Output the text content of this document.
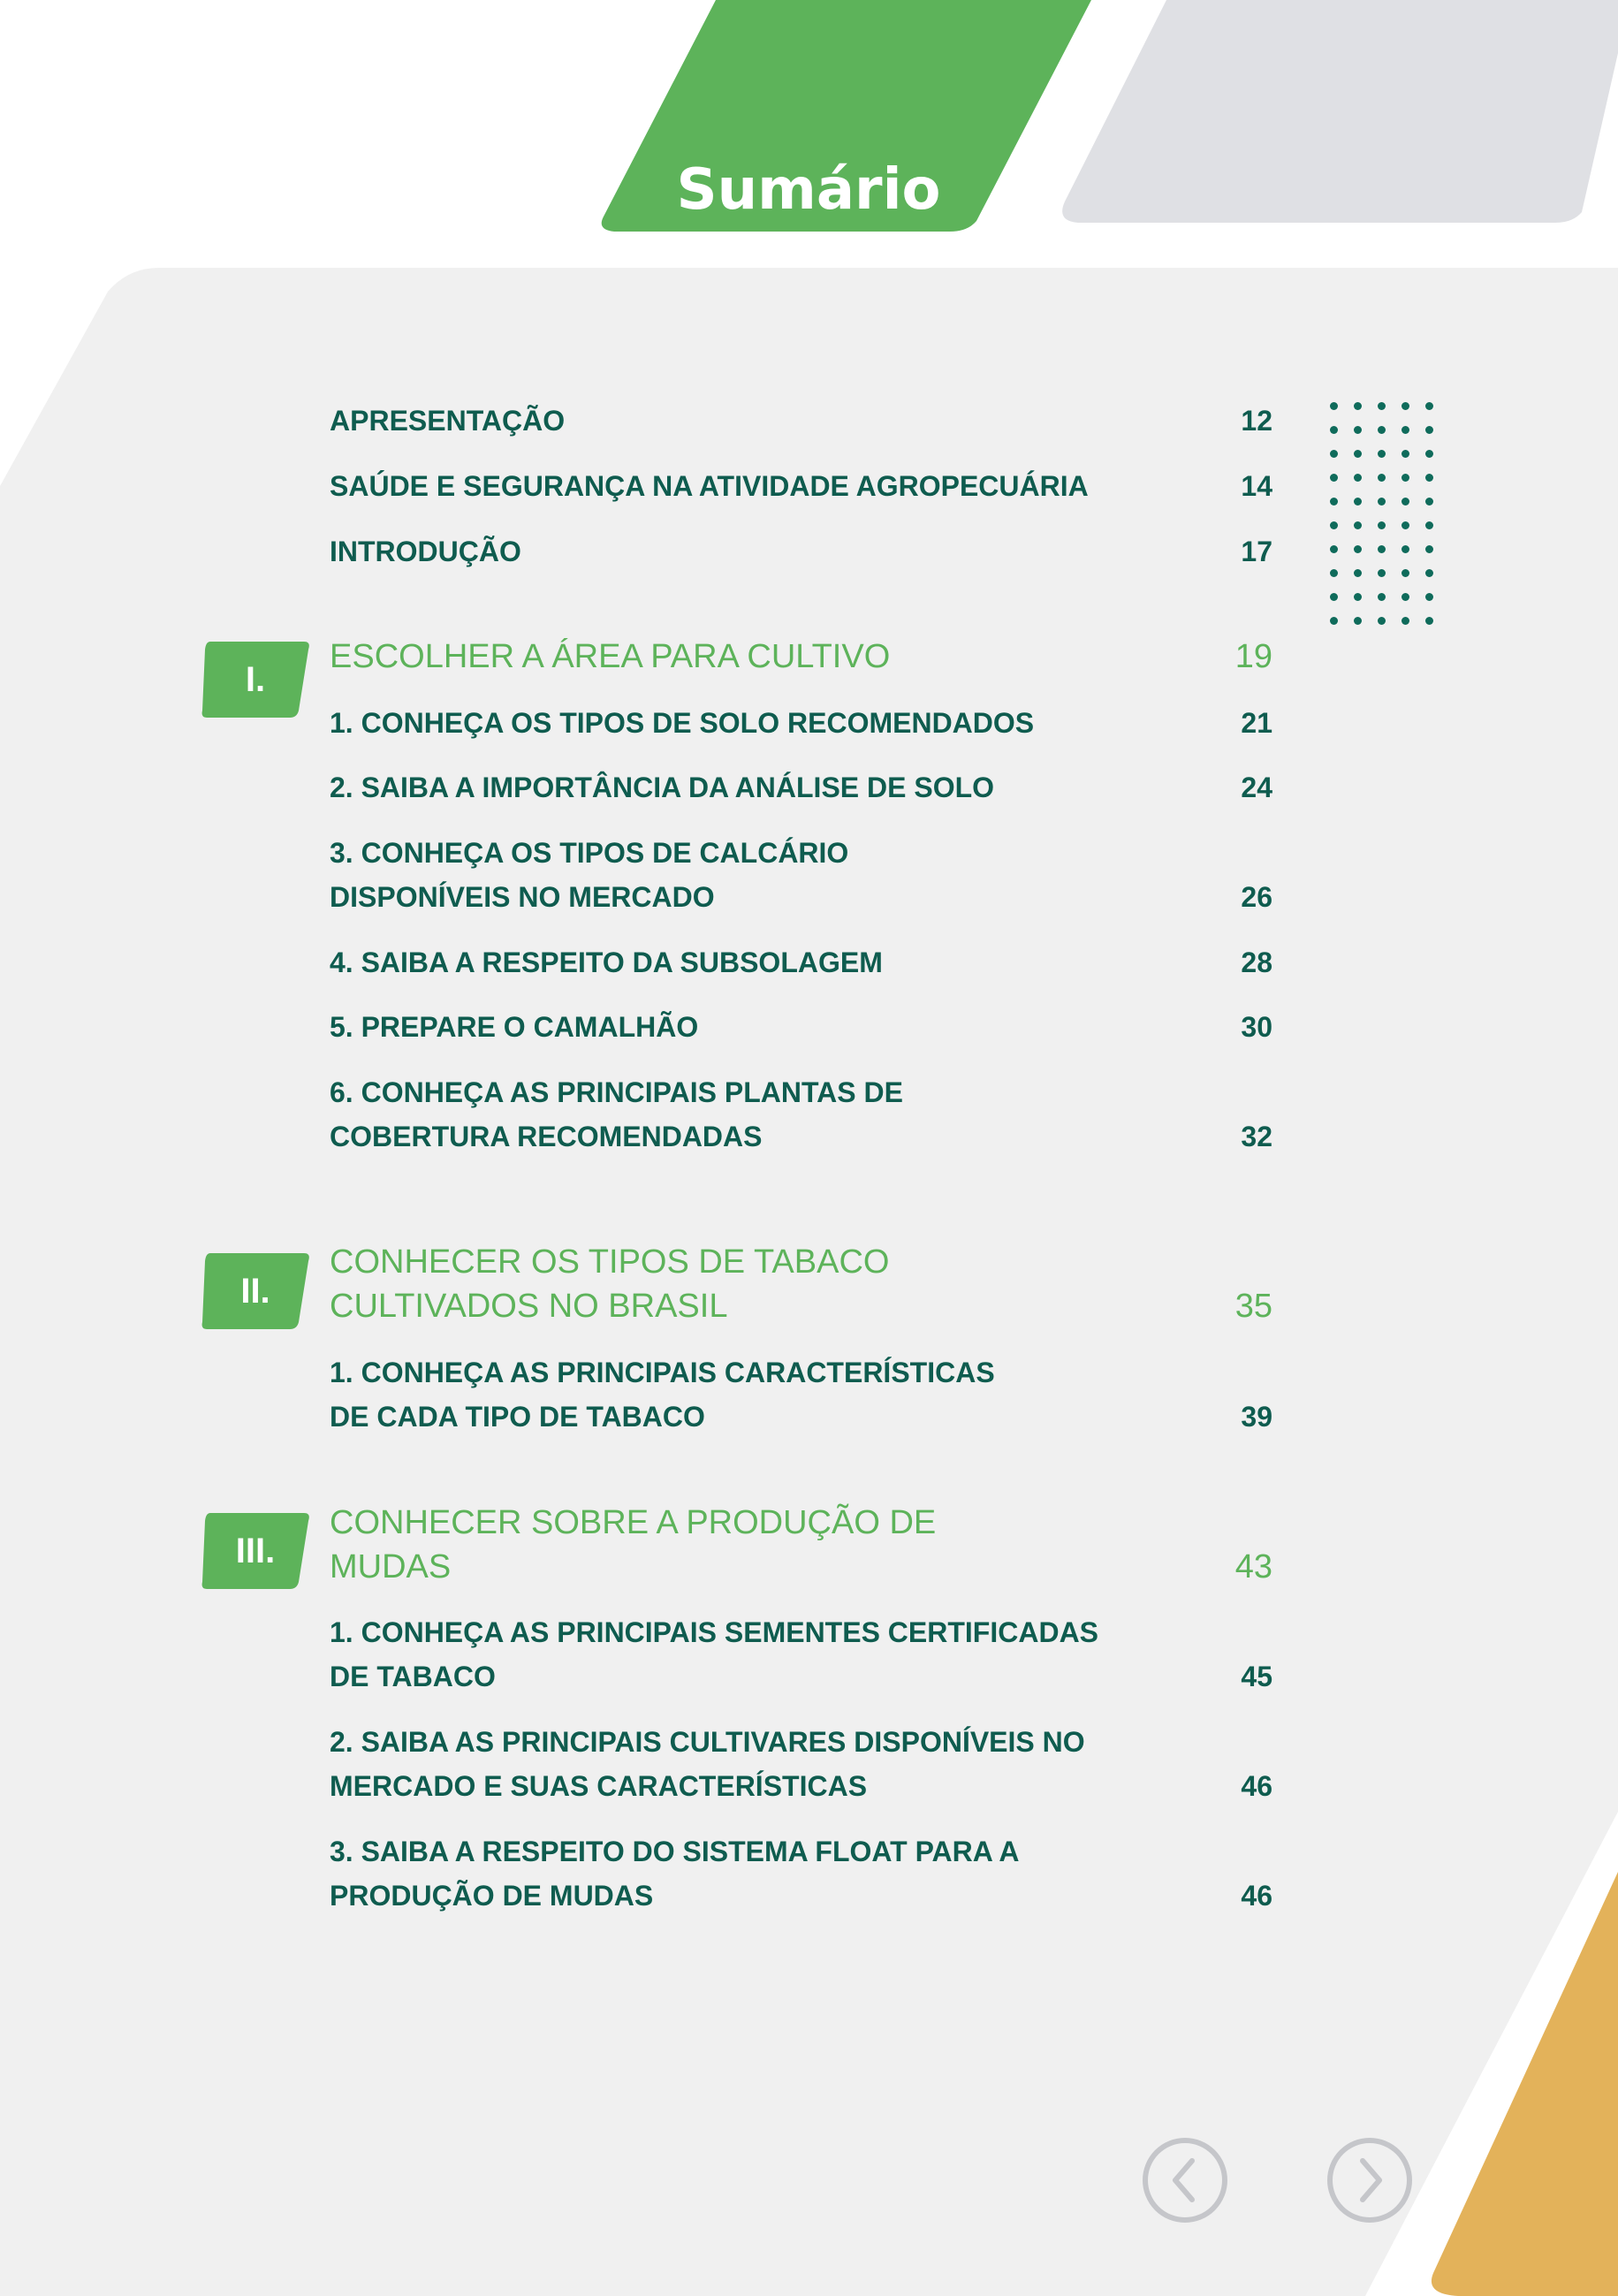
Sumário
APRESENTAÇÃO	12
SAÚDE E SEGURANÇA NA ATIVIDADE AGROPECUÁRIA	14
INTRODUÇÃO	17
I.
ESCOLHER A ÁREA PARA CULTIVO	19
1. CONHEÇA OS TIPOS DE SOLO RECOMENDADOS	21
2. SAIBA A IMPORTÂNCIA DA ANÁLISE DE SOLO	24
3. CONHEÇA OS TIPOS DE CALCÁRIO DISPONÍVEIS NO MERCADO	26
4. SAIBA A RESPEITO DA SUBSOLAGEM	28
5. PREPARE O CAMALHÃO	30
6. CONHEÇA AS PRINCIPAIS PLANTAS DE COBERTURA RECOMENDADAS	32
II.
CONHECER OS TIPOS DE TABACO CULTIVADOS NO BRASIL	35
1. CONHEÇA AS PRINCIPAIS CARACTERÍSTICAS DE CADA TIPO DE TABACO	39
III.
CONHECER SOBRE A PRODUÇÃO DE MUDAS	43
1. CONHEÇA AS PRINCIPAIS SEMENTES CERTIFICADAS DE TABACO	45
2. SAIBA AS PRINCIPAIS CULTIVARES DISPONÍVEIS NO MERCADO E SUAS CARACTERÍSTICAS	46
3. SAIBA A RESPEITO DO SISTEMA FLOAT PARA A PRODUÇÃO DE MUDAS	46
